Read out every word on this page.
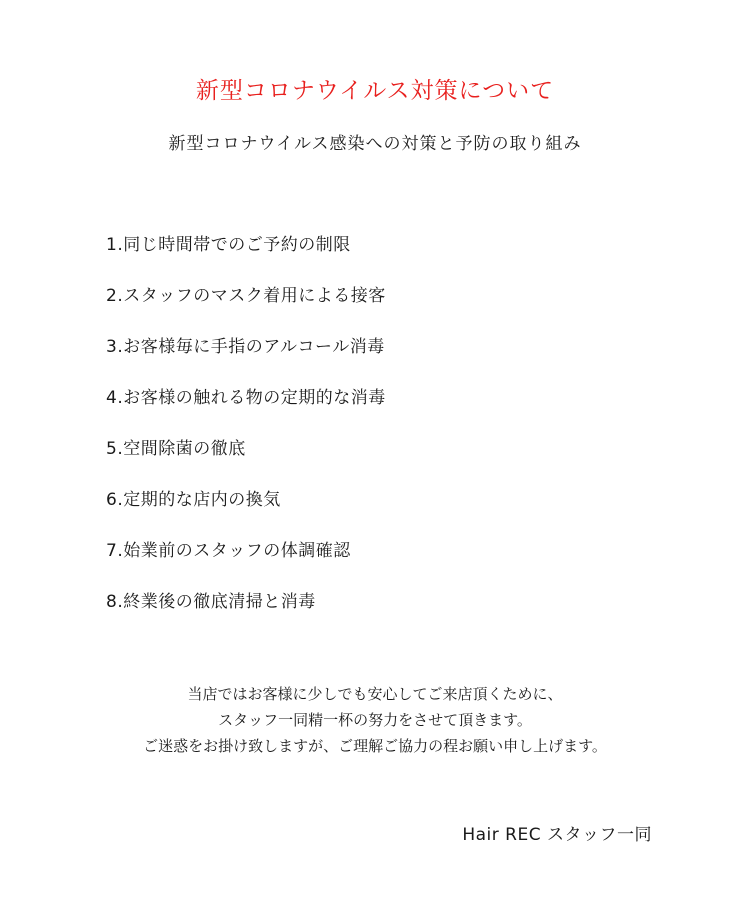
新型コロナウイルス対策について
新型コロナウイルス感染への対策と予防の取り組み
1.同じ時間帯でのご予約の制限
2.スタッフのマスク着用による接客
3.お客様毎に手指のアルコール消毒
4.お客様の触れる物の定期的な消毒
5.空間除菌の徹底
6.定期的な店内の換気
7.始業前のスタッフの体調確認
8.終業後の徹底清掃と消毒
当店ではお客様に少しでも安心してご来店頂くために、
スタッフ一同精一杯の努力をさせて頂きます。
ご迷惑をお掛け致しますが、ご理解ご協力の程お願い申し上げます。
Hair REC スタッフ一同
